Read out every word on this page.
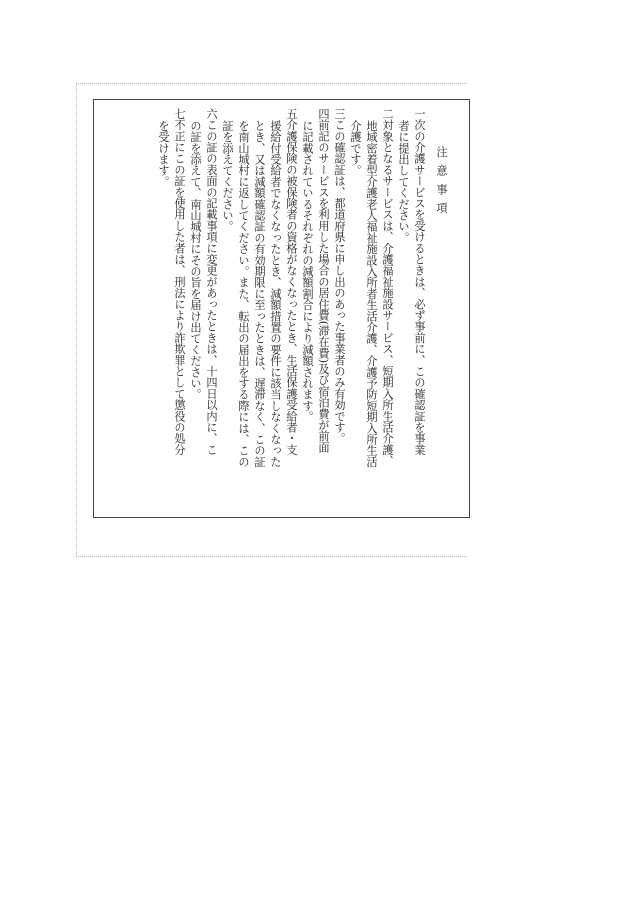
注 意 事 項
一次の介護サービスを受けるときは、必ず事前に、この確認証を事業
者に提出してください。
二対象となるサービスは、介護福祉施設サービス、短期入所生活介護、
地域密着型介護老人福祉施設入所者生活介護、介護予防短期入所生活
介護です。
三この確認証は、都道府県に申し出のあった事業者のみ有効です。
四前記のサービスを利用した場合の居住費(滞在費)及び宿泊費が前面
に記載されているそれぞれの減額割合により減額されます。
五介護保険の被保険者の資格がなくなったとき、生活保護受給者・支
援給付受給者でなくなったとき、減額措置の要件に該当しなくなった
とき、又は減額確認証の有効期限に至ったときは、遅滞なく、この証
を南山城村に返してください。また、転出の届出をする際には、この
証を添えてください。
六この証の表面の記載事項に変更があったときは、十四日以内に、こ
の証を添えて、南山城村にその旨を届け出てください。
七不正にこの証を使用した者は、刑法により詐欺罪として懲役の処分
を受けます。
